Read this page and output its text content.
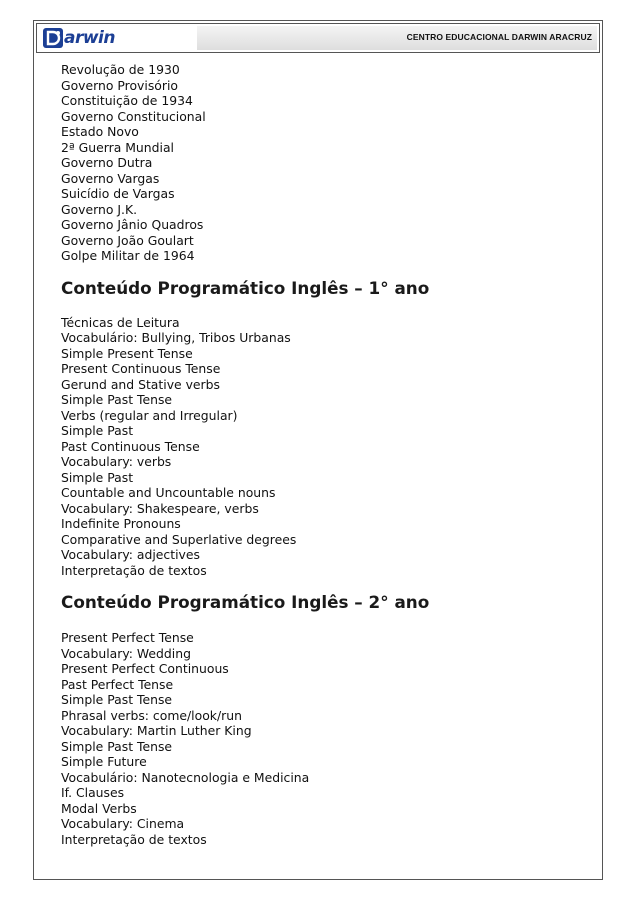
arwin	CENTRO EDUCACIONAL DARWIN ARACRUZ
Revolução de 1930
Governo Provisório
Constituição de 1934
Governo Constitucional
Estado Novo
2ª Guerra Mundial
Governo Dutra
Governo Vargas
Suicídio de Vargas
Governo J.K.
Governo Jânio Quadros
Governo João Goulart
Golpe Militar de 1964
Conteúdo Programático Inglês – 1° ano
Técnicas de Leitura
Vocabulário: Bullying, Tribos Urbanas
Simple Present Tense
Present Continuous Tense
Gerund and Stative verbs
Simple Past Tense
Verbs (regular and Irregular)
Simple Past
Past Continuous Tense
Vocabulary: verbs
Simple Past
Countable and Uncountable nouns
Vocabulary: Shakespeare, verbs
Indefinite Pronouns
Comparative and Superlative degrees
Vocabulary: adjectives
Interpretação de textos
Conteúdo Programático Inglês – 2° ano
Present Perfect Tense
Vocabulary: Wedding
Present Perfect Continuous
Past Perfect Tense
Simple Past Tense
Phrasal verbs: come/look/run
Vocabulary: Martin Luther King
Simple Past Tense
Simple Future
Vocabulário: Nanotecnologia e Medicina
If. Clauses
Modal Verbs
Vocabulary: Cinema
Interpretação de textos
